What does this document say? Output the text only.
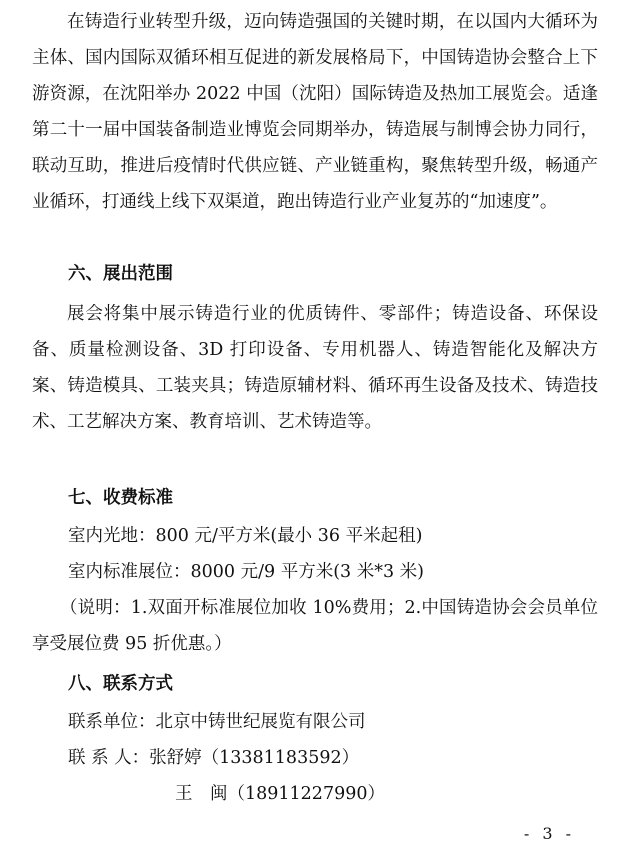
在铸造行业转型升级，迈向铸造强国的关键时期，在以国内大循环为主体、国内国际双循环相互促进的新发展格局下，中国铸造协会整合上下游资源，在沈阳举办 2022 中国（沈阳）国际铸造及热加工展览会。适逢第二十一届中国装备制造业博览会同期举办，铸造展与制博会协力同行，联动互助，推进后疫情时代供应链、产业链重构，聚焦转型升级，畅通产业循环，打通线上线下双渠道，跑出铸造行业产业复苏的“加速度”。

六、展出范围

展会将集中展示铸造行业的优质铸件、零部件；铸造设备、环保设备、质量检测设备、3D 打印设备、专用机器人、铸造智能化及解决方案、铸造模具、工装夹具；铸造原辅材料、循环再生设备及技术、铸造技术、工艺解决方案、教育培训、艺术铸造等。

七、收费标准

室内光地：800 元/平方米(最小 36 平米起租)

室内标准展位：8000 元/9 平方米(3 米*3 米)

（说明：1.双面开标准展位加收 10%费用；2.中国铸造协会会员单位享受展位费 95 折优惠。）

八、联系方式

联系单位：北京中铸世纪展览有限公司

联 系 人：张舒婷（13381183592）

王　闽（18911227990）

- 3 -
